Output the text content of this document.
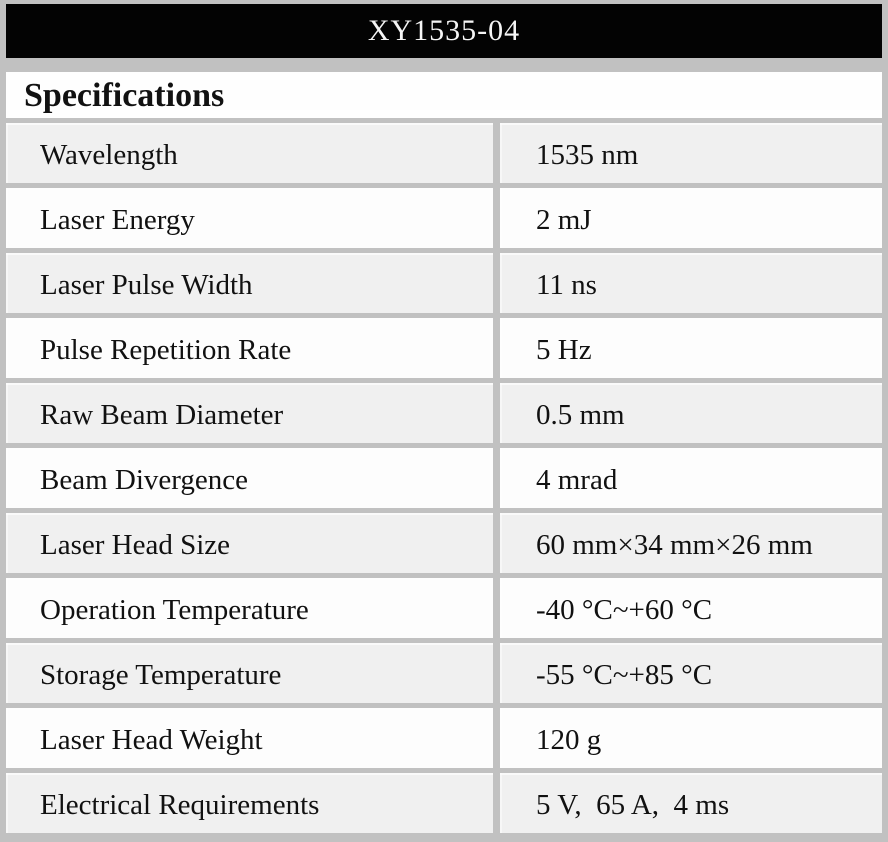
XY1535-04
Specifications
Wavelength	1535 nm
Laser Energy	2 mJ
Laser Pulse Width	11 ns
Pulse Repetition Rate	5 Hz
Raw Beam Diameter	0.5 mm
Beam Divergence	4 mrad
Laser Head Size	60 mm×34 mm×26 mm
Operation Temperature	-40 °C~+60 °C
Storage Temperature	-55 °C~+85 °C
Laser Head Weight	120 g
Electrical Requirements	5 V,  65 A,  4 ms
